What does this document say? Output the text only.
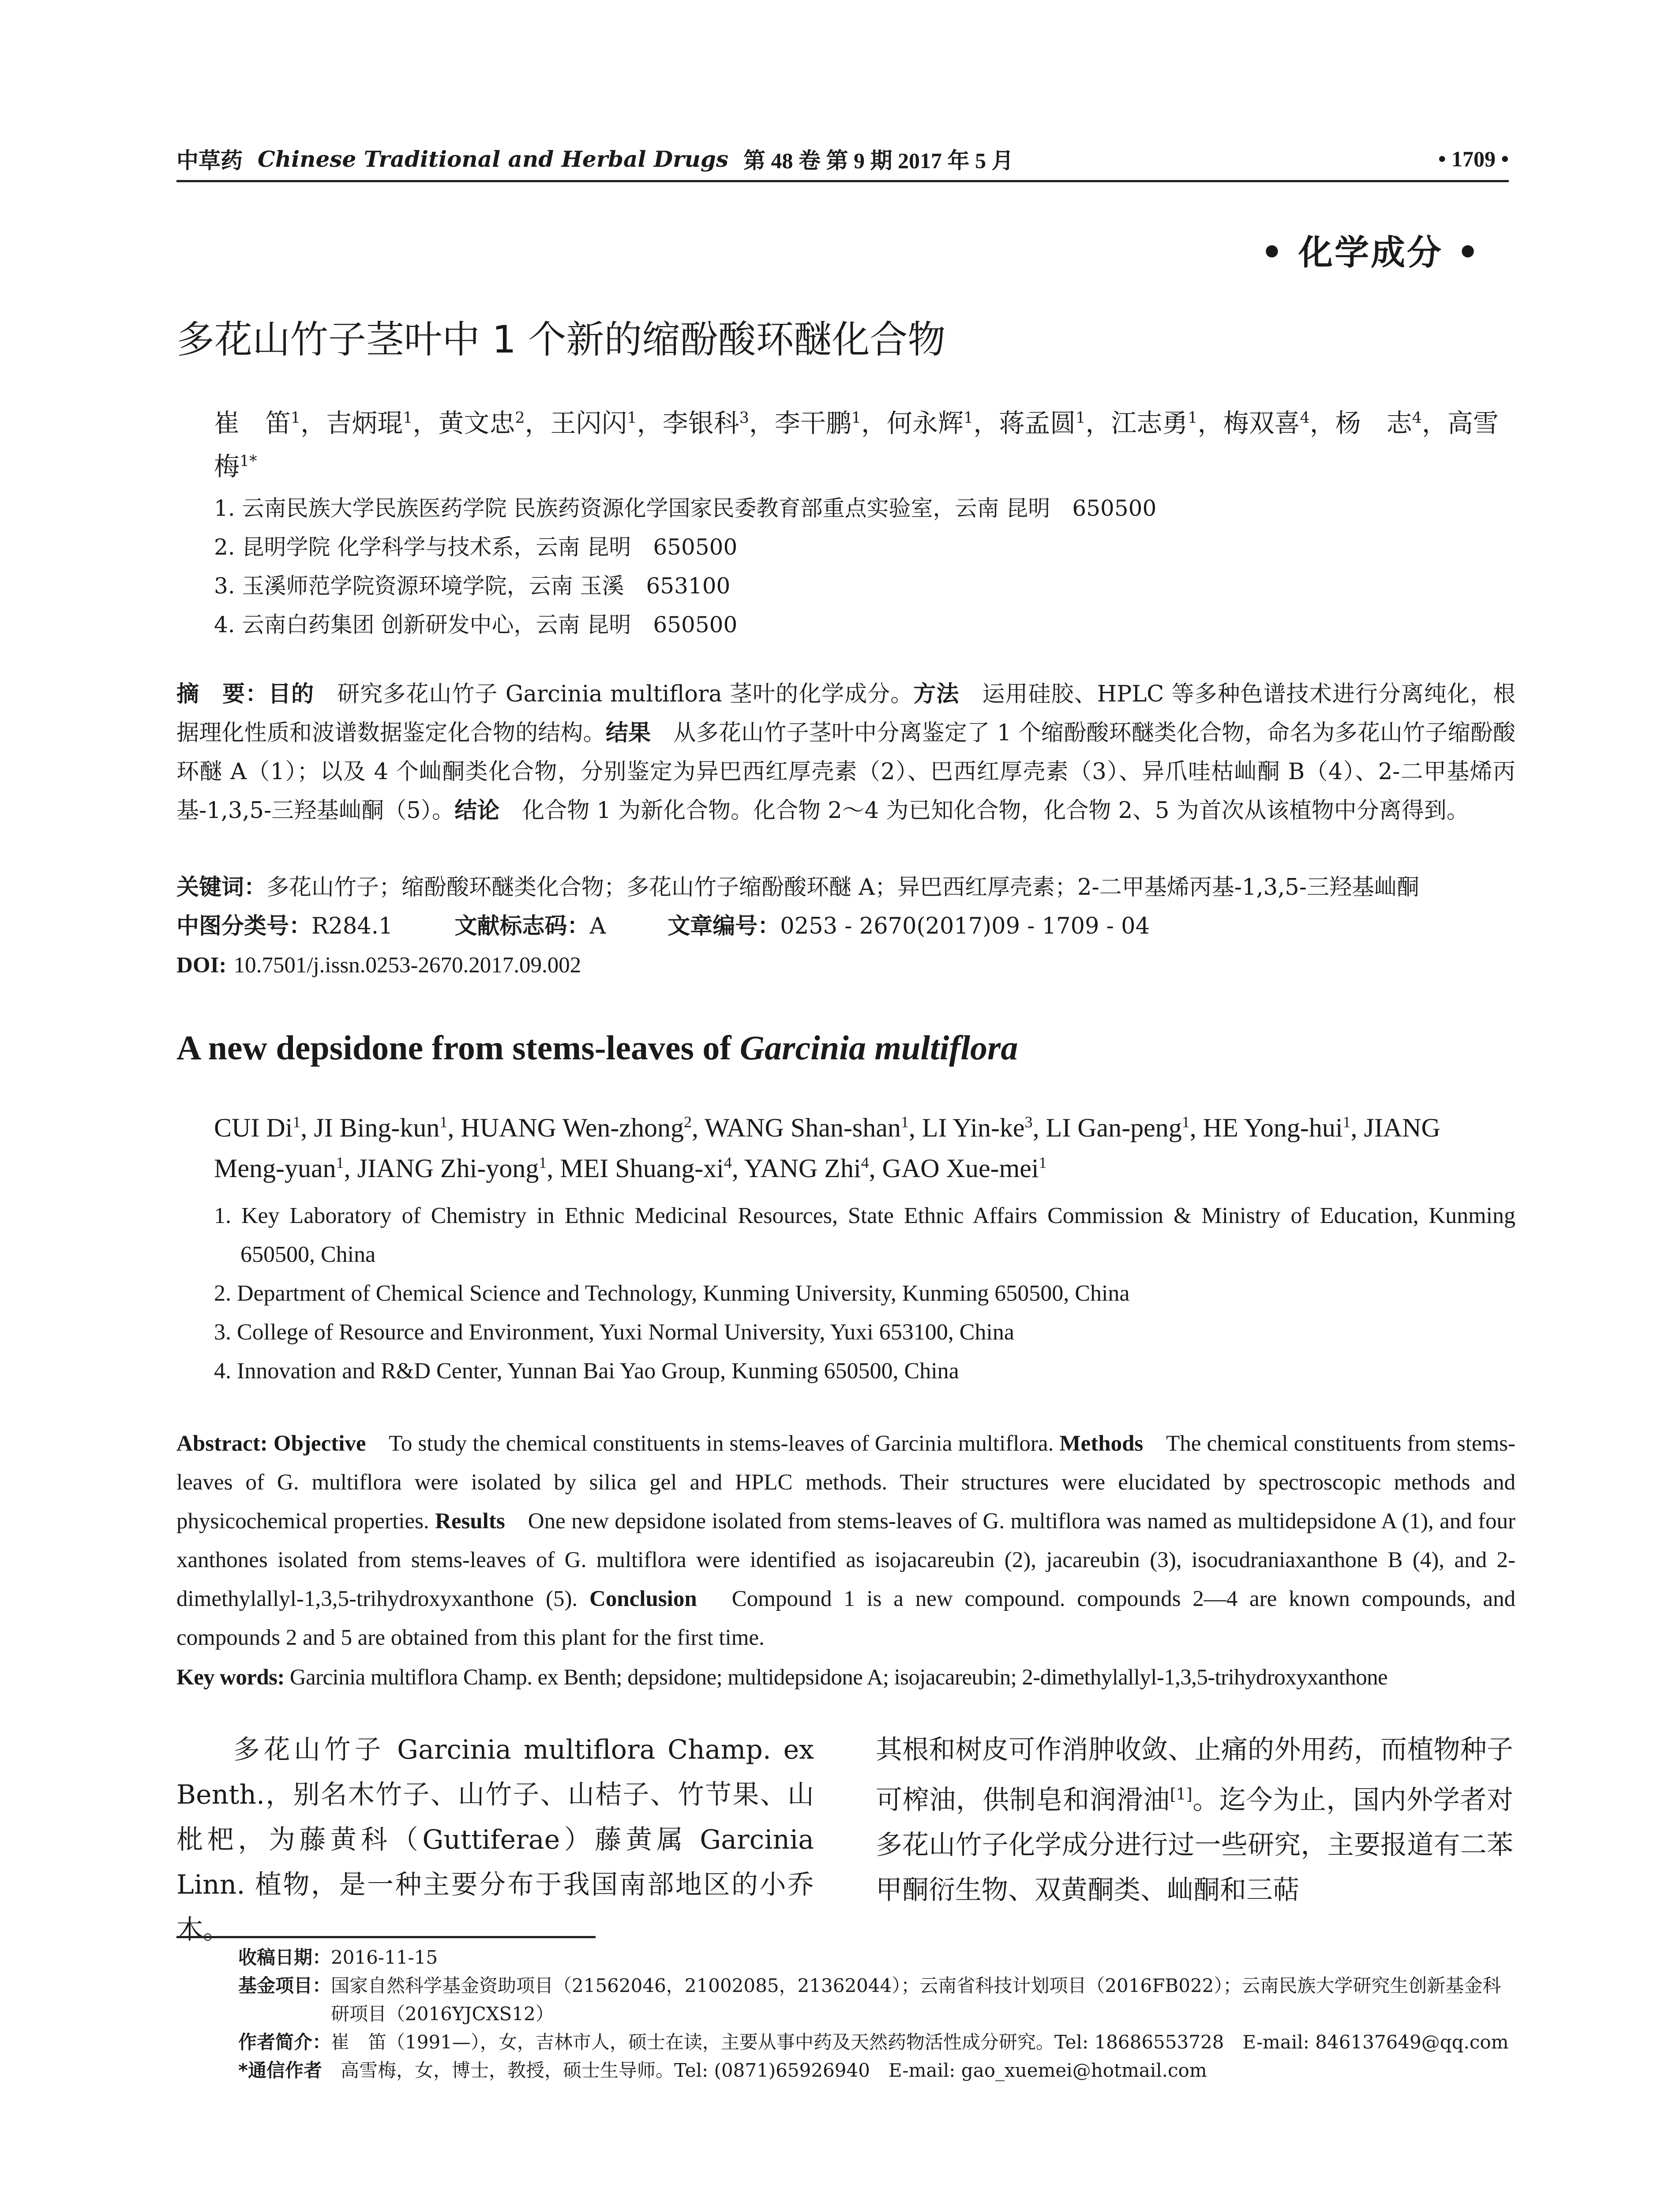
中草药 Chinese Traditional and Herbal Drugs 第 48 卷 第 9 期 2017 年 5 月	• 1709 •
• 化学成分 •
多花山竹子茎叶中 1 个新的缩酚酸环醚化合物
崔　笛$^1$，吉炳琨$^1$，黄文忠$^2$，王闪闪$^1$，李银科$^3$，李干鹏$^1$，何永辉$^1$，蒋孟圆$^1$，江志勇$^1$，梅双喜$^4$，杨　志$^4$，高雪梅$^{1*}$
1. 云南民族大学民族医药学院 民族药资源化学国家民委教育部重点实验室，云南 昆明　650500
2. 昆明学院 化学科学与技术系，云南 昆明　650500
3. 玉溪师范学院资源环境学院，云南 玉溪　653100
4. 云南白药集团 创新研发中心，云南 昆明　650500
摘　要：目的　研究多花山竹子 Garcinia multiflora 茎叶的化学成分。方法　运用硅胶、HPLC 等多种色谱技术进行分离纯化，根据理化性质和波谱数据鉴定化合物的结构。结果　从多花山竹子茎叶中分离鉴定了 1 个缩酚酸环醚类化合物，命名为多花山竹子缩酚酸环醚 A（1）；以及 4 个屾酮类化合物，分别鉴定为异巴西红厚壳素（2）、巴西红厚壳素（3）、异爪哇枯屾酮 B（4）、2-二甲基烯丙基-1,3,5-三羟基屾酮（5）。结论　化合物 1 为新化合物。化合物 2～4 为已知化合物，化合物 2、5 为首次从该植物中分离得到。
关键词：多花山竹子；缩酚酸环醚类化合物；多花山竹子缩酚酸环醚 A；异巴西红厚壳素；2-二甲基烯丙基-1,3,5-三羟基屾酮
中图分类号：R284.1	文献标志码：A	文章编号：0253 - 2670(2017)09 - 1709 - 04
DOI: 10.7501/j.issn.0253-2670.2017.09.002
A new depsidone from stems-leaves of Garcinia multiflora
CUI Di$^1$, JI Bing-kun$^1$, HUANG Wen-zhong$^2$, WANG Shan-shan$^1$, LI Yin-$ke^3$, LI Gan-peng$^1$, HE Yong-hui$^1$, JIANG Meng-yuan$^1$, JIANG Zhi-yong$^1$, MEI Shuang-$xi^4$, YANG Zhi$^4$, GAO Xue-mei$^1$
1. Key Laboratory of Chemistry in Ethnic Medicinal Resources, State Ethnic Affairs Commission & Ministry of Education, Kunming 650500, China
2. Department of Chemical Science and Technology, Kunming University, Kunming 650500, China
3. College of Resource and Environment, Yuxi Normal University, Yuxi 653100, China
4. Innovation and R&D Center, Yunnan Bai Yao Group, Kunming 650500, China
Abstract: Objective　To study the chemical constituents in stems-leaves of Garcinia multiflora. Methods　The chemical constituents from stems-leaves of G. multiflora were isolated by silica gel and HPLC methods. Their structures were elucidated by spectroscopic methods and physicochemical properties. Results　One new depsidone isolated from stems-leaves of G. multiflora was named as multidepsidone A (1), and four xanthones isolated from stems-leaves of G. multiflora were identified as isojacareubin (2), jacareubin (3), isocudraniaxanthone B (4), and 2-dimethylallyl-1,3,5-trihydroxyxanthone (5). Conclusion　Compound 1 is a new compound. compounds 2—4 are known compounds, and compounds 2 and 5 are obtained from this plant for the first time.
Key words: Garcinia multiflora Champ. ex Benth; depsidone; multidepsidone A; isojacareubin; 2-dimethylallyl-1,3,5-trihydroxyxanthone
多花山竹子 Garcinia multiflora Champ. ex Benth.，别名木竹子、山竹子、山桔子、竹节果、山枇杷，为藤黄科（Guttiferae）藤黄属 Garcinia Linn. 植物，是一种主要分布于我国南部地区的小乔木。
其根和树皮可作消肿收敛、止痛的外用药，而植物种子可榨油，供制皂和润滑油[1]。迄今为止，国内外学者对多花山竹子化学成分进行过一些研究，主要报道有二苯甲酮衍生物、双黄酮类、屾酮和三萜
收稿日期： 2016-11-15
基金项目： 国家自然科学基金资助项目（21562046，21002085，21362044）；云南省科技计划项目（2016FB022）；云南民族大学研究生创新基金科研项目（2016YJCXS12）
作者简介： 崔　笛（1991—），女，吉林市人，硕士在读，主要从事中药及天然药物活性成分研究。Tel: 18686553728　E-mail: 846137649@qq.com
*通信作者 　高雪梅，女，博士，教授，硕士生导师。Tel: (0871)65926940　E-mail: gao_xuemei@hotmail.com
